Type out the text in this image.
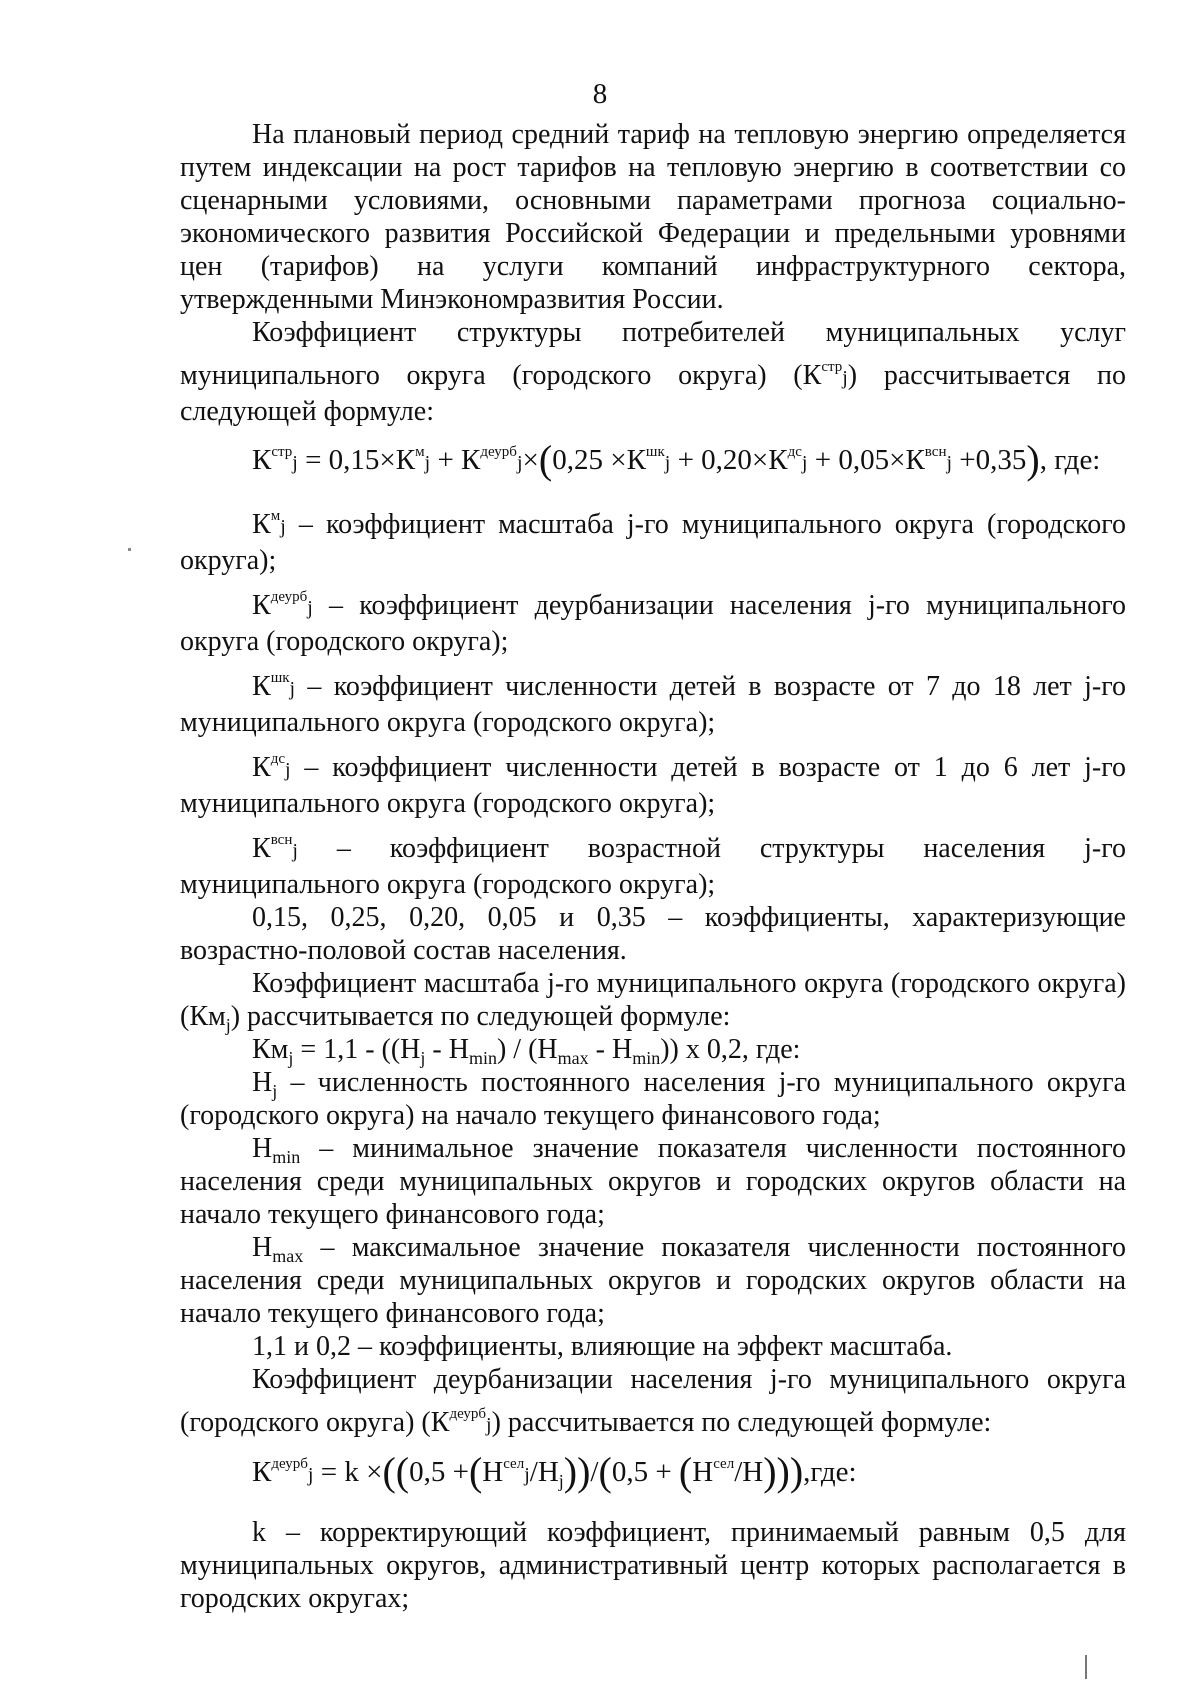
8

На плановый период средний тариф на тепловую энергию определяется путем индексации на рост тарифов на тепловую энергию в соответствии со сценарными условиями, основными параметрами прогноза социально-экономического развития Российской Федерации и предельными уровнями цен (тарифов) на услуги компаний инфраструктурного сектора, утвержденными Минэкономразвития России.

Коэффициент структуры потребителей муниципальных услуг

муниципального округа (городского округа) $(К^{стр}j)$ рассчитывается по

следующей формуле:

$К^{стр}j = 0,15\times К^мj + К^{деурб}j\times(0,25 \times К^{шк}j + 0,20\times К^{дс}j + 0,05\times К^{всн}j +0,35)$, где:

$К^мj$ – коэффициент масштаба j-го муниципального округа (городского округа);

$К^{деурб}j$ – коэффициент деурбанизации населения j-го муниципального округа (городского округа);

$К^{шк}j$ – коэффициент численности детей в возрасте от 7 до 18 лет j-го муниципального округа (городского округа);

$К^{дс}j$ – коэффициент численности детей в возрасте от 1 до 6 лет j-го муниципального округа (городского округа);

$К^{всн}j$ – коэффициент возрастной структуры населения j-го муниципального округа (городского округа);

0,15, 0,25, 0,20, 0,05 и 0,35 – коэффициенты, характеризующие возрастно-половой состав населения.

Коэффициент масштаба j-го муниципального округа (городского округа) $(Км_j)$ рассчитывается по следующей формуле:

$Км_j = 1,1 - ((Н_j - Н_{min}) / (Н_{max} - Н_{min}))$ х 0,2, где:

$Н_j$ – численность постоянного населения j-го муниципального округа (городского округа) на начало текущего финансового года;

$Н_{min}$ – минимальное значение показателя численности постоянного населения среди муниципальных округов и городских округов области на начало текущего финансового года;

$Н_{max}$ – максимальное значение показателя численности постоянного населения среди муниципальных округов и городских округов области на начало текущего финансового года;

1,1 и 0,2 – коэффициенты, влияющие на эффект масштаба.

Коэффициент деурбанизации населения j-го муниципального округа

(городского округа) $(К^{деурб}j)$ рассчитывается по следующей формуле:

$К^{деурб}j = k \times((0,5 +(Н^{сел}j/Н_j))/(0,5 + (Н^{сел}/Н))),где$:

k – корректирующий коэффициент, принимаемый равным 0,5 для муниципальных округов, административный центр которых располагается в городских округах;
